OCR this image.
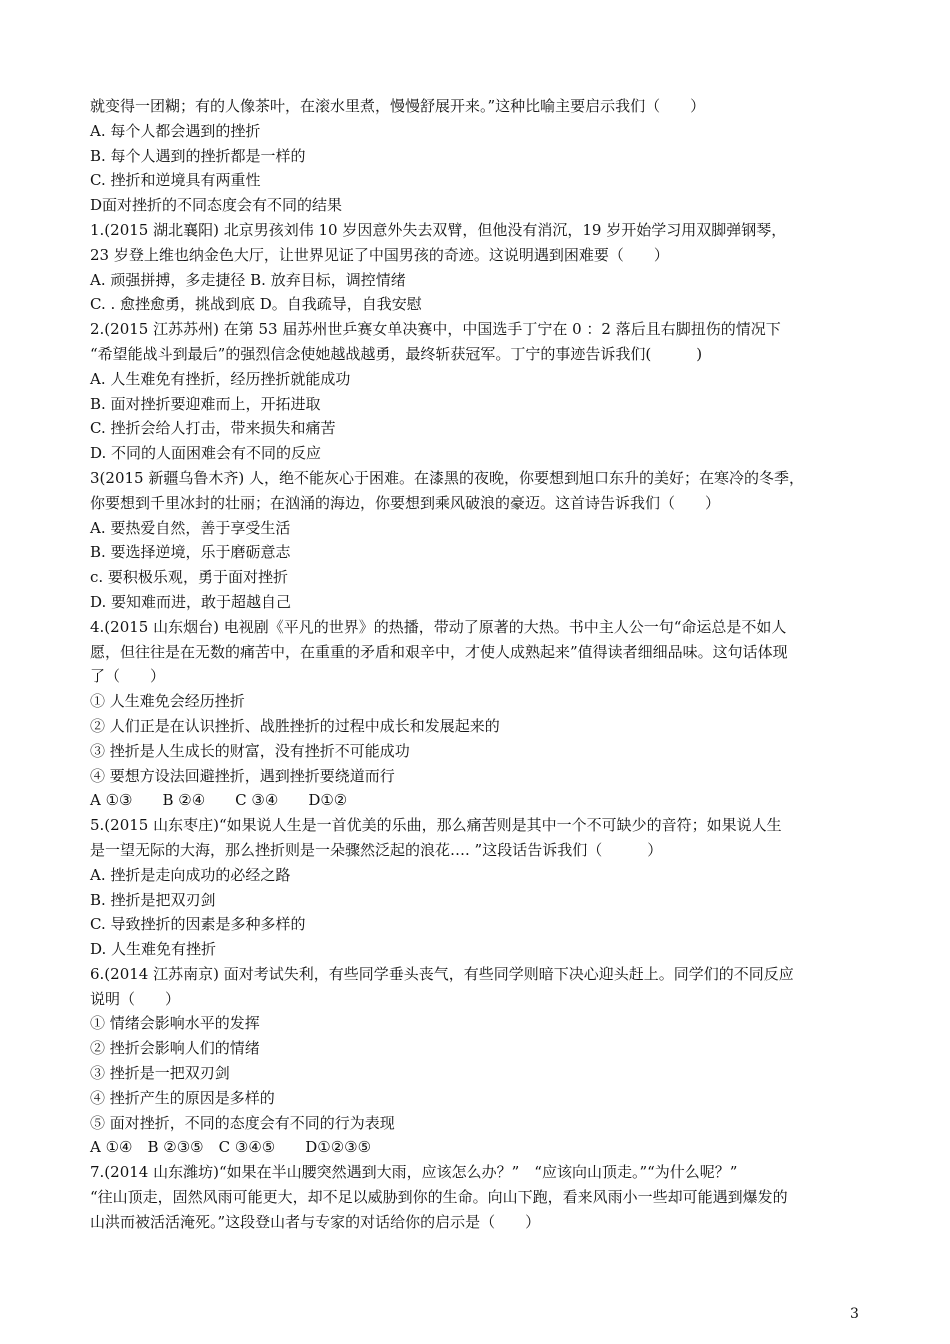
就变得一团糊；有的人像茶叶，在滚水里煮，慢慢舒展开来。”这种比喻主要启示我们（　　）
A. 每个人都会遇到的挫折
B. 每个人遇到的挫折都是一样的
C. 挫折和逆境具有两重性
D面对挫折的不同态度会有不同的结果
1.(2015 湖北襄阳) 北京男孩刘伟 10 岁因意外失去双臂，但他没有消沉，19 岁开始学习用双脚弹钢琴，
23 岁登上维也纳金色大厅，让世界见证了中国男孩的奇迹。这说明遇到困难要（　　）
A. 顽强拼搏，多走捷径 B. 放弃目标，调控情绪
C. . 愈挫愈勇，挑战到底 D。自我疏导，自我安慰
2.(2015 江苏苏州) 在第 53 届苏州世乒赛女单决赛中，中国选手丁宁在 0 ：2 落后且右脚扭伤的情况下
“希望能战斗到最后”的强烈信念使她越战越勇，最终斩获冠军。丁宁的事迹告诉我们(　　　)
A. 人生难免有挫折，经历挫折就能成功
B. 面对挫折要迎难而上，开拓进取
C. 挫折会给人打击，带来损失和痛苦
D. 不同的人面困难会有不同的反应
3(2015 新疆乌鲁木齐) 人，绝不能灰心于困难。在漆黑的夜晚，你要想到旭口东升的美好；在寒冷的冬季，
你要想到千里冰封的壮丽；在汹涌的海边，你要想到乘风破浪的豪迈。这首诗告诉我们（　　）
A. 要热爱自然，善于享受生活
B. 要选择逆境，乐于磨砺意志
c. 要积极乐观，勇于面对挫折
D. 要知难而进，敢于超越自己
4.(2015 山东烟台) 电视剧《平凡的世界》的热播，带动了原著的大热。书中主人公一句“命运总是不如人
愿，但往往是在无数的痛苦中，在重重的矛盾和艰辛中，才使人成熟起来”值得读者细细品味。这句话体现
了（　　）
① 人生难免会经历挫折
② 人们正是在认识挫折、战胜挫折的过程中成长和发展起来的
③ 挫折是人生成长的财富，没有挫折不可能成功
④ 要想方设法回避挫折，遇到挫折要绕道而行
A ①③　　B ②④　　C ③④　　D①②
5.(2015 山东枣庄)“如果说人生是一首优美的乐曲，那么痛苦则是其中一个不可缺少的音符；如果说人生
是一望无际的大海，那么挫折则是一朵骤然泛起的浪花…. ”这段话告诉我们（　　　）
A. 挫折是走向成功的必经之路
B. 挫折是把双刃剑
C. 导致挫折的因素是多种多样的
D. 人生难免有挫折
6.(2014 江苏南京) 面对考试失利，有些同学垂头丧气，有些同学则暗下决心迎头赶上。同学们的不同反应
说明（　　）
① 情绪会影响水平的发挥
② 挫折会影响人们的情绪
③ 挫折是一把双刃剑
④ 挫折产生的原因是多样的
⑤ 面对挫折，不同的态度会有不同的行为表现
A ①④　B ②③⑤　C ③④⑤　　D①②③⑤
7.(2014 山东潍坊)“如果在半山腰突然遇到大雨，应该怎么办？”　“应该向山顶走。”“为什么呢？”
“往山顶走，固然风雨可能更大，却不足以威胁到你的生命。向山下跑，看来风雨小一些却可能遇到爆发的
山洪而被活活淹死。”这段登山者与专家的对话给你的启示是（　　）
3
